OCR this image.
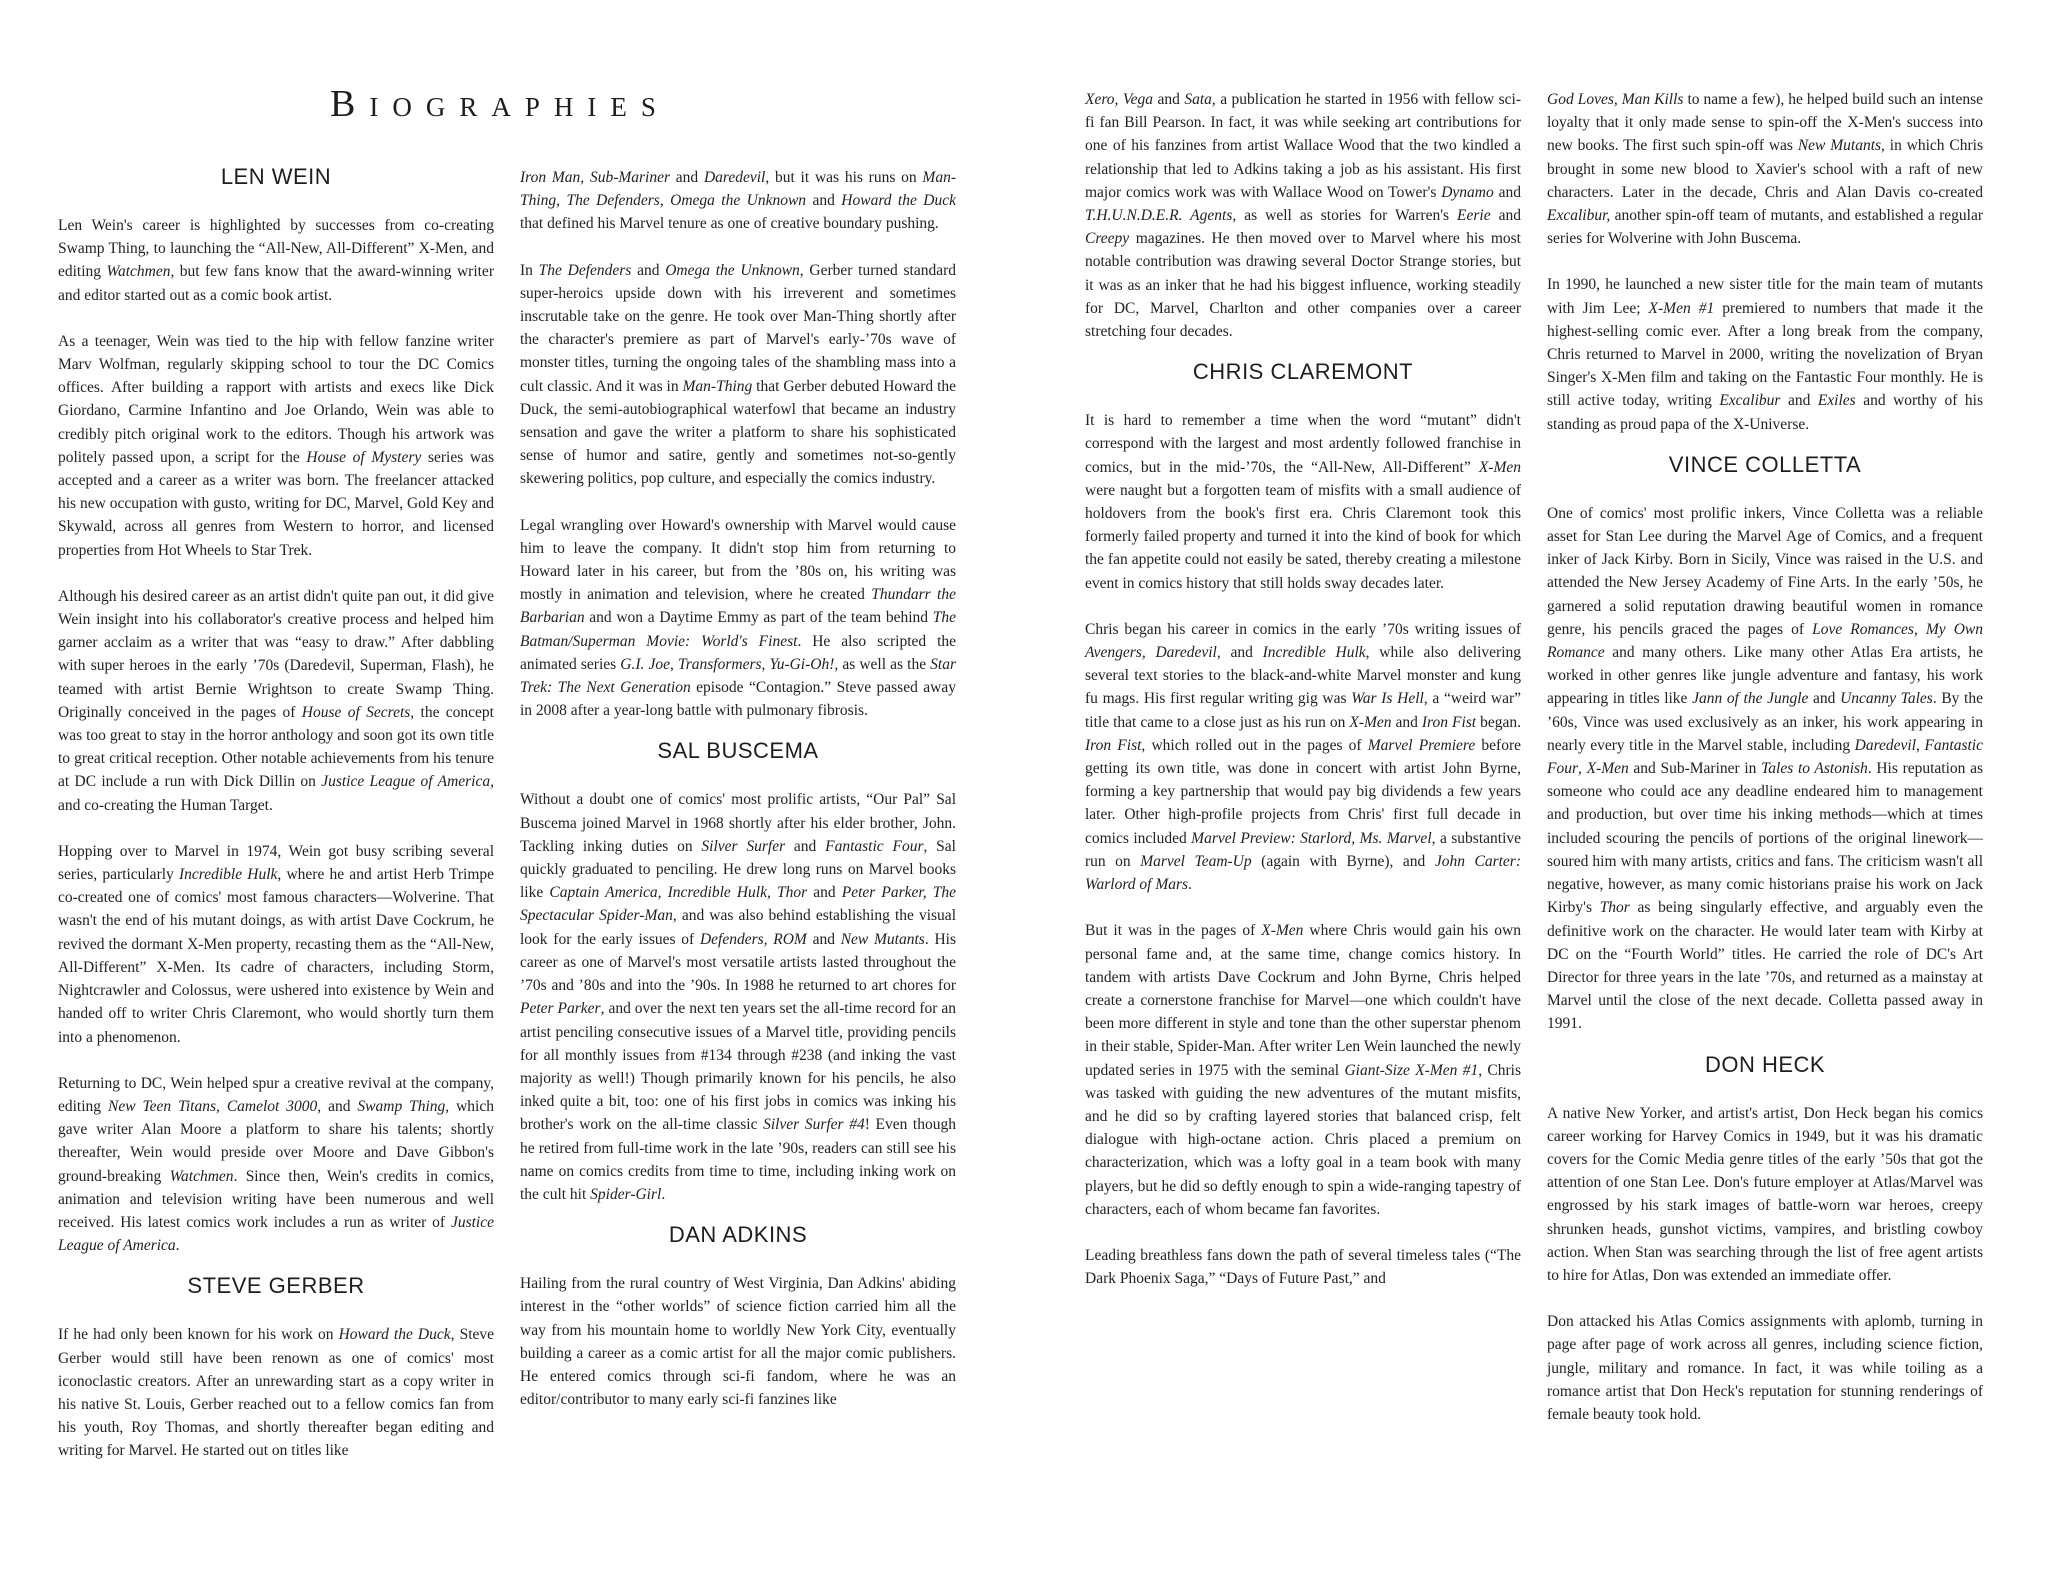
Biographies
LEN WEIN

Len Wein's career is highlighted by successes from co-creating Swamp Thing, to launching the “All-New, All-Different” X-Men, and editing Watchmen, but few fans know that the award-winning writer and editor started out as a comic book artist.

As a teenager, Wein was tied to the hip with fellow fanzine writer Marv Wolfman, regularly skipping school to tour the DC Comics offices. After building a rapport with artists and execs like Dick Giordano, Carmine Infantino and Joe Orlando, Wein was able to credibly pitch original work to the editors. Though his artwork was politely passed upon, a script for the House of Mystery series was accepted and a career as a writer was born. The freelancer attacked his new occupation with gusto, writing for DC, Marvel, Gold Key and Skywald, across all genres from Western to horror, and licensed properties from Hot Wheels to Star Trek.

Although his desired career as an artist didn't quite pan out, it did give Wein insight into his collaborator's creative process and helped him garner acclaim as a writer that was “easy to draw.” After dabbling with super heroes in the early ’70s (Daredevil, Superman, Flash), he teamed with artist Bernie Wrightson to create Swamp Thing. Originally conceived in the pages of House of Secrets, the concept was too great to stay in the horror anthology and soon got its own title to great critical reception. Other notable achievements from his tenure at DC include a run with Dick Dillin on Justice League of America, and co-creating the Human Target.

Hopping over to Marvel in 1974, Wein got busy scribing several series, particularly Incredible Hulk, where he and artist Herb Trimpe co-created one of comics' most famous characters—Wolverine. That wasn't the end of his mutant doings, as with artist Dave Cockrum, he revived the dormant X-Men property, recasting them as the “All-New, All-Different” X-Men. Its cadre of characters, including Storm, Nightcrawler and Colossus, were ushered into existence by Wein and handed off to writer Chris Claremont, who would shortly turn them into a phenomenon.

Returning to DC, Wein helped spur a creative revival at the company, editing New Teen Titans, Camelot 3000, and Swamp Thing, which gave writer Alan Moore a platform to share his talents; shortly thereafter, Wein would preside over Moore and Dave Gibbon's ground-breaking Watchmen. Since then, Wein's credits in comics, animation and television writing have been numerous and well received. His latest comics work includes a run as writer of Justice League of America.

STEVE GERBER

If he had only been known for his work on Howard the Duck, Steve Gerber would still have been renown as one of comics' most iconoclastic creators. After an unrewarding start as a copy writer in his native St. Louis, Gerber reached out to a fellow comics fan from his youth, Roy Thomas, and shortly thereafter began editing and writing for Marvel. He started out on titles like

Iron Man, Sub-Mariner and Daredevil, but it was his runs on Man-Thing, The Defenders, Omega the Unknown and Howard the Duck that defined his Marvel tenure as one of creative boundary pushing.

In The Defenders and Omega the Unknown, Gerber turned standard super-heroics upside down with his irreverent and sometimes inscrutable take on the genre. He took over Man-Thing shortly after the character's premiere as part of Marvel's early-’70s wave of monster titles, turning the ongoing tales of the shambling mass into a cult classic. And it was in Man-Thing that Gerber debuted Howard the Duck, the semi-autobiographical waterfowl that became an industry sensation and gave the writer a platform to share his sophisticated sense of humor and satire, gently and sometimes not-so-gently skewering politics, pop culture, and especially the comics industry.

Legal wrangling over Howard's ownership with Marvel would cause him to leave the company. It didn't stop him from returning to Howard later in his career, but from the ’80s on, his writing was mostly in animation and television, where he created Thundarr the Barbarian and won a Daytime Emmy as part of the team behind The Batman/Superman Movie: World's Finest. He also scripted the animated series G.I. Joe, Transformers, Yu-Gi-Oh!, as well as the Star Trek: The Next Generation episode “Contagion.” Steve passed away in 2008 after a year-long battle with pulmonary fibrosis.

SAL BUSCEMA

Without a doubt one of comics' most prolific artists, “Our Pal” Sal Buscema joined Marvel in 1968 shortly after his elder brother, John. Tackling inking duties on Silver Surfer and Fantastic Four, Sal quickly graduated to penciling. He drew long runs on Marvel books like Captain America, Incredible Hulk, Thor and Peter Parker, The Spectacular Spider-Man, and was also behind establishing the visual look for the early issues of Defenders, ROM and New Mutants. His career as one of Marvel's most versatile artists lasted throughout the ’70s and ’80s and into the ’90s. In 1988 he returned to art chores for Peter Parker, and over the next ten years set the all-time record for an artist penciling consecutive issues of a Marvel title, providing pencils for all monthly issues from #134 through #238 (and inking the vast majority as well!) Though primarily known for his pencils, he also inked quite a bit, too: one of his first jobs in comics was inking his brother's work on the all-time classic Silver Surfer #4! Even though he retired from full-time work in the late ’90s, readers can still see his name on comics credits from time to time, including inking work on the cult hit Spider-Girl.

DAN ADKINS

Hailing from the rural country of West Virginia, Dan Adkins' abiding interest in the “other worlds” of science fiction carried him all the way from his mountain home to worldly New York City, eventually building a career as a comic artist for all the major comic publishers. He entered comics through sci-fi fandom, where he was an editor/contributor to many early sci-fi fanzines like

Xero, Vega and Sata, a publication he started in 1956 with fellow sci-fi fan Bill Pearson. In fact, it was while seeking art contributions for one of his fanzines from artist Wallace Wood that the two kindled a relationship that led to Adkins taking a job as his assistant. His first major comics work was with Wallace Wood on Tower's Dynamo and T.H.U.N.D.E.R. Agents, as well as stories for Warren's Eerie and Creepy magazines. He then moved over to Marvel where his most notable contribution was drawing several Doctor Strange stories, but it was as an inker that he had his biggest influence, working steadily for DC, Marvel, Charlton and other companies over a career stretching four decades.

CHRIS CLAREMONT

It is hard to remember a time when the word “mutant” didn't correspond with the largest and most ardently followed franchise in comics, but in the mid-’70s, the “All-New, All-Different” X-Men were naught but a forgotten team of misfits with a small audience of holdovers from the book's first era. Chris Claremont took this formerly failed property and turned it into the kind of book for which the fan appetite could not easily be sated, thereby creating a milestone event in comics history that still holds sway decades later.

Chris began his career in comics in the early ’70s writing issues of Avengers, Daredevil, and Incredible Hulk, while also delivering several text stories to the black-and-white Marvel monster and kung fu mags. His first regular writing gig was War Is Hell, a “weird war” title that came to a close just as his run on X-Men and Iron Fist began. Iron Fist, which rolled out in the pages of Marvel Premiere before getting its own title, was done in concert with artist John Byrne, forming a key partnership that would pay big dividends a few years later. Other high-profile projects from Chris' first full decade in comics included Marvel Preview: Starlord, Ms. Marvel, a substantive run on Marvel Team-Up (again with Byrne), and John Carter: Warlord of Mars.

But it was in the pages of X-Men where Chris would gain his own personal fame and, at the same time, change comics history. In tandem with artists Dave Cockrum and John Byrne, Chris helped create a cornerstone franchise for Marvel—one which couldn't have been more different in style and tone than the other superstar phenom in their stable, Spider-Man. After writer Len Wein launched the newly updated series in 1975 with the seminal Giant-Size X-Men #1, Chris was tasked with guiding the new adventures of the mutant misfits, and he did so by crafting layered stories that balanced crisp, felt dialogue with high-octane action. Chris placed a premium on characterization, which was a lofty goal in a team book with many players, but he did so deftly enough to spin a wide-ranging tapestry of characters, each of whom became fan favorites.

Leading breathless fans down the path of several timeless tales (“The Dark Phoenix Saga,” “Days of Future Past,” and

God Loves, Man Kills to name a few), he helped build such an intense loyalty that it only made sense to spin-off the X-Men's success into new books. The first such spin-off was New Mutants, in which Chris brought in some new blood to Xavier's school with a raft of new characters. Later in the decade, Chris and Alan Davis co-created Excalibur, another spin-off team of mutants, and established a regular series for Wolverine with John Buscema.

In 1990, he launched a new sister title for the main team of mutants with Jim Lee; X-Men #1 premiered to numbers that made it the highest-selling comic ever. After a long break from the company, Chris returned to Marvel in 2000, writing the novelization of Bryan Singer's X-Men film and taking on the Fantastic Four monthly. He is still active today, writing Excalibur and Exiles and worthy of his standing as proud papa of the X-Universe.

VINCE COLLETTA

One of comics' most prolific inkers, Vince Colletta was a reliable asset for Stan Lee during the Marvel Age of Comics, and a frequent inker of Jack Kirby. Born in Sicily, Vince was raised in the U.S. and attended the New Jersey Academy of Fine Arts. In the early ’50s, he garnered a solid reputation drawing beautiful women in romance genre, his pencils graced the pages of Love Romances, My Own Romance and many others. Like many other Atlas Era artists, he worked in other genres like jungle adventure and fantasy, his work appearing in titles like Jann of the Jungle and Uncanny Tales. By the ’60s, Vince was used exclusively as an inker, his work appearing in nearly every title in the Marvel stable, including Daredevil, Fantastic Four, X-Men and Sub-Mariner in Tales to Astonish. His reputation as someone who could ace any deadline endeared him to management and production, but over time his inking methods—which at times included scouring the pencils of portions of the original linework—soured him with many artists, critics and fans. The criticism wasn't all negative, however, as many comic historians praise his work on Jack Kirby's Thor as being singularly effective, and arguably even the definitive work on the character. He would later team with Kirby at DC on the “Fourth World” titles. He carried the role of DC's Art Director for three years in the late ’70s, and returned as a mainstay at Marvel until the close of the next decade. Colletta passed away in 1991.

DON HECK

A native New Yorker, and artist's artist, Don Heck began his comics career working for Harvey Comics in 1949, but it was his dramatic covers for the Comic Media genre titles of the early ’50s that got the attention of one Stan Lee. Don's future employer at Atlas/Marvel was engrossed by his stark images of battle-worn war heroes, creepy shrunken heads, gunshot victims, vampires, and bristling cowboy action. When Stan was searching through the list of free agent artists to hire for Atlas, Don was extended an immediate offer.

Don attacked his Atlas Comics assignments with aplomb, turning in page after page of work across all genres, including science fiction, jungle, military and romance. In fact, it was while toiling as a romance artist that Don Heck's reputation for stunning renderings of female beauty took hold.
